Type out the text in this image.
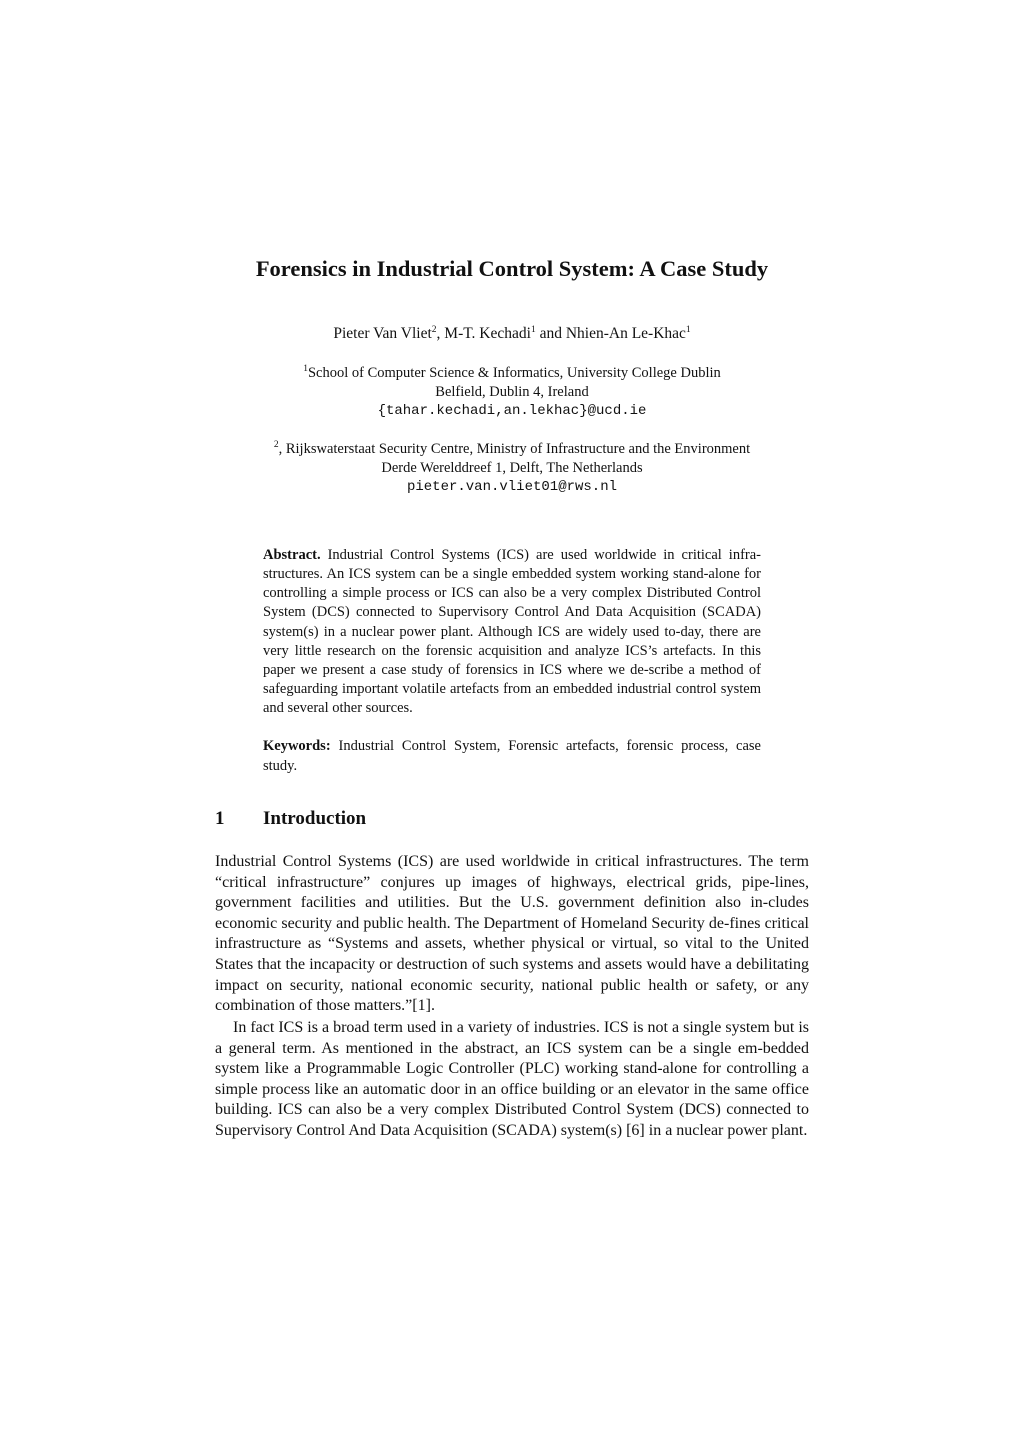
Forensics in Industrial Control System: A Case Study
Pieter Van Vliet$^2$, M-T. Kechadi$^1$ and Nhien-An Le-Khac$^1$
$^1$School of Computer Science & Informatics, University College Dublin
Belfield, Dublin 4, Ireland
{tahar.kechadi,an.lekhac}@ucd.ie
$^2$, Rijkswaterstaat Security Centre, Ministry of Infrastructure and the Environment
Derde Werelddreef 1, Delft, The Netherlands
pieter.van.vliet01@rws.nl

Abstract. Industrial Control Systems (ICS) are used worldwide in critical infra-structures. An ICS system can be a single embedded system working stand-alone for controlling a simple process or ICS can also be a very complex Distributed Control System (DCS) connected to Supervisory Control And Data Acquisition (SCADA) system(s) in a nuclear power plant. Although ICS are widely used to-day, there are very little research on the forensic acquisition and analyze ICS’s artefacts. In this paper we present a case study of forensics in ICS where we de-scribe a method of safeguarding important volatile artefacts from an embedded industrial control system and several other sources.

Keywords: Industrial Control System, Forensic artefacts, forensic process, case study.

1 Introduction

Industrial Control Systems (ICS) are used worldwide in critical infrastructures. The term “critical infrastructure” conjures up images of highways, electrical grids, pipe-lines, government facilities and utilities. But the U.S. government definition also in-cludes economic security and public health. The Department of Homeland Security de-fines critical infrastructure as “Systems and assets, whether physical or virtual, so vital to the United States that the incapacity or destruction of such systems and assets would have a debilitating impact on security, national economic security, national public health or safety, or any combination of those matters.”[1].

In fact ICS is a broad term used in a variety of industries. ICS is not a single system but is a general term. As mentioned in the abstract, an ICS system can be a single em-bedded system like a Programmable Logic Controller (PLC) working stand-alone for controlling a simple process like an automatic door in an office building or an elevator in the same office building. ICS can also be a very complex Distributed Control System (DCS) connected to Supervisory Control And Data Acquisition (SCADA) system(s) [6] in a nuclear power plant.
